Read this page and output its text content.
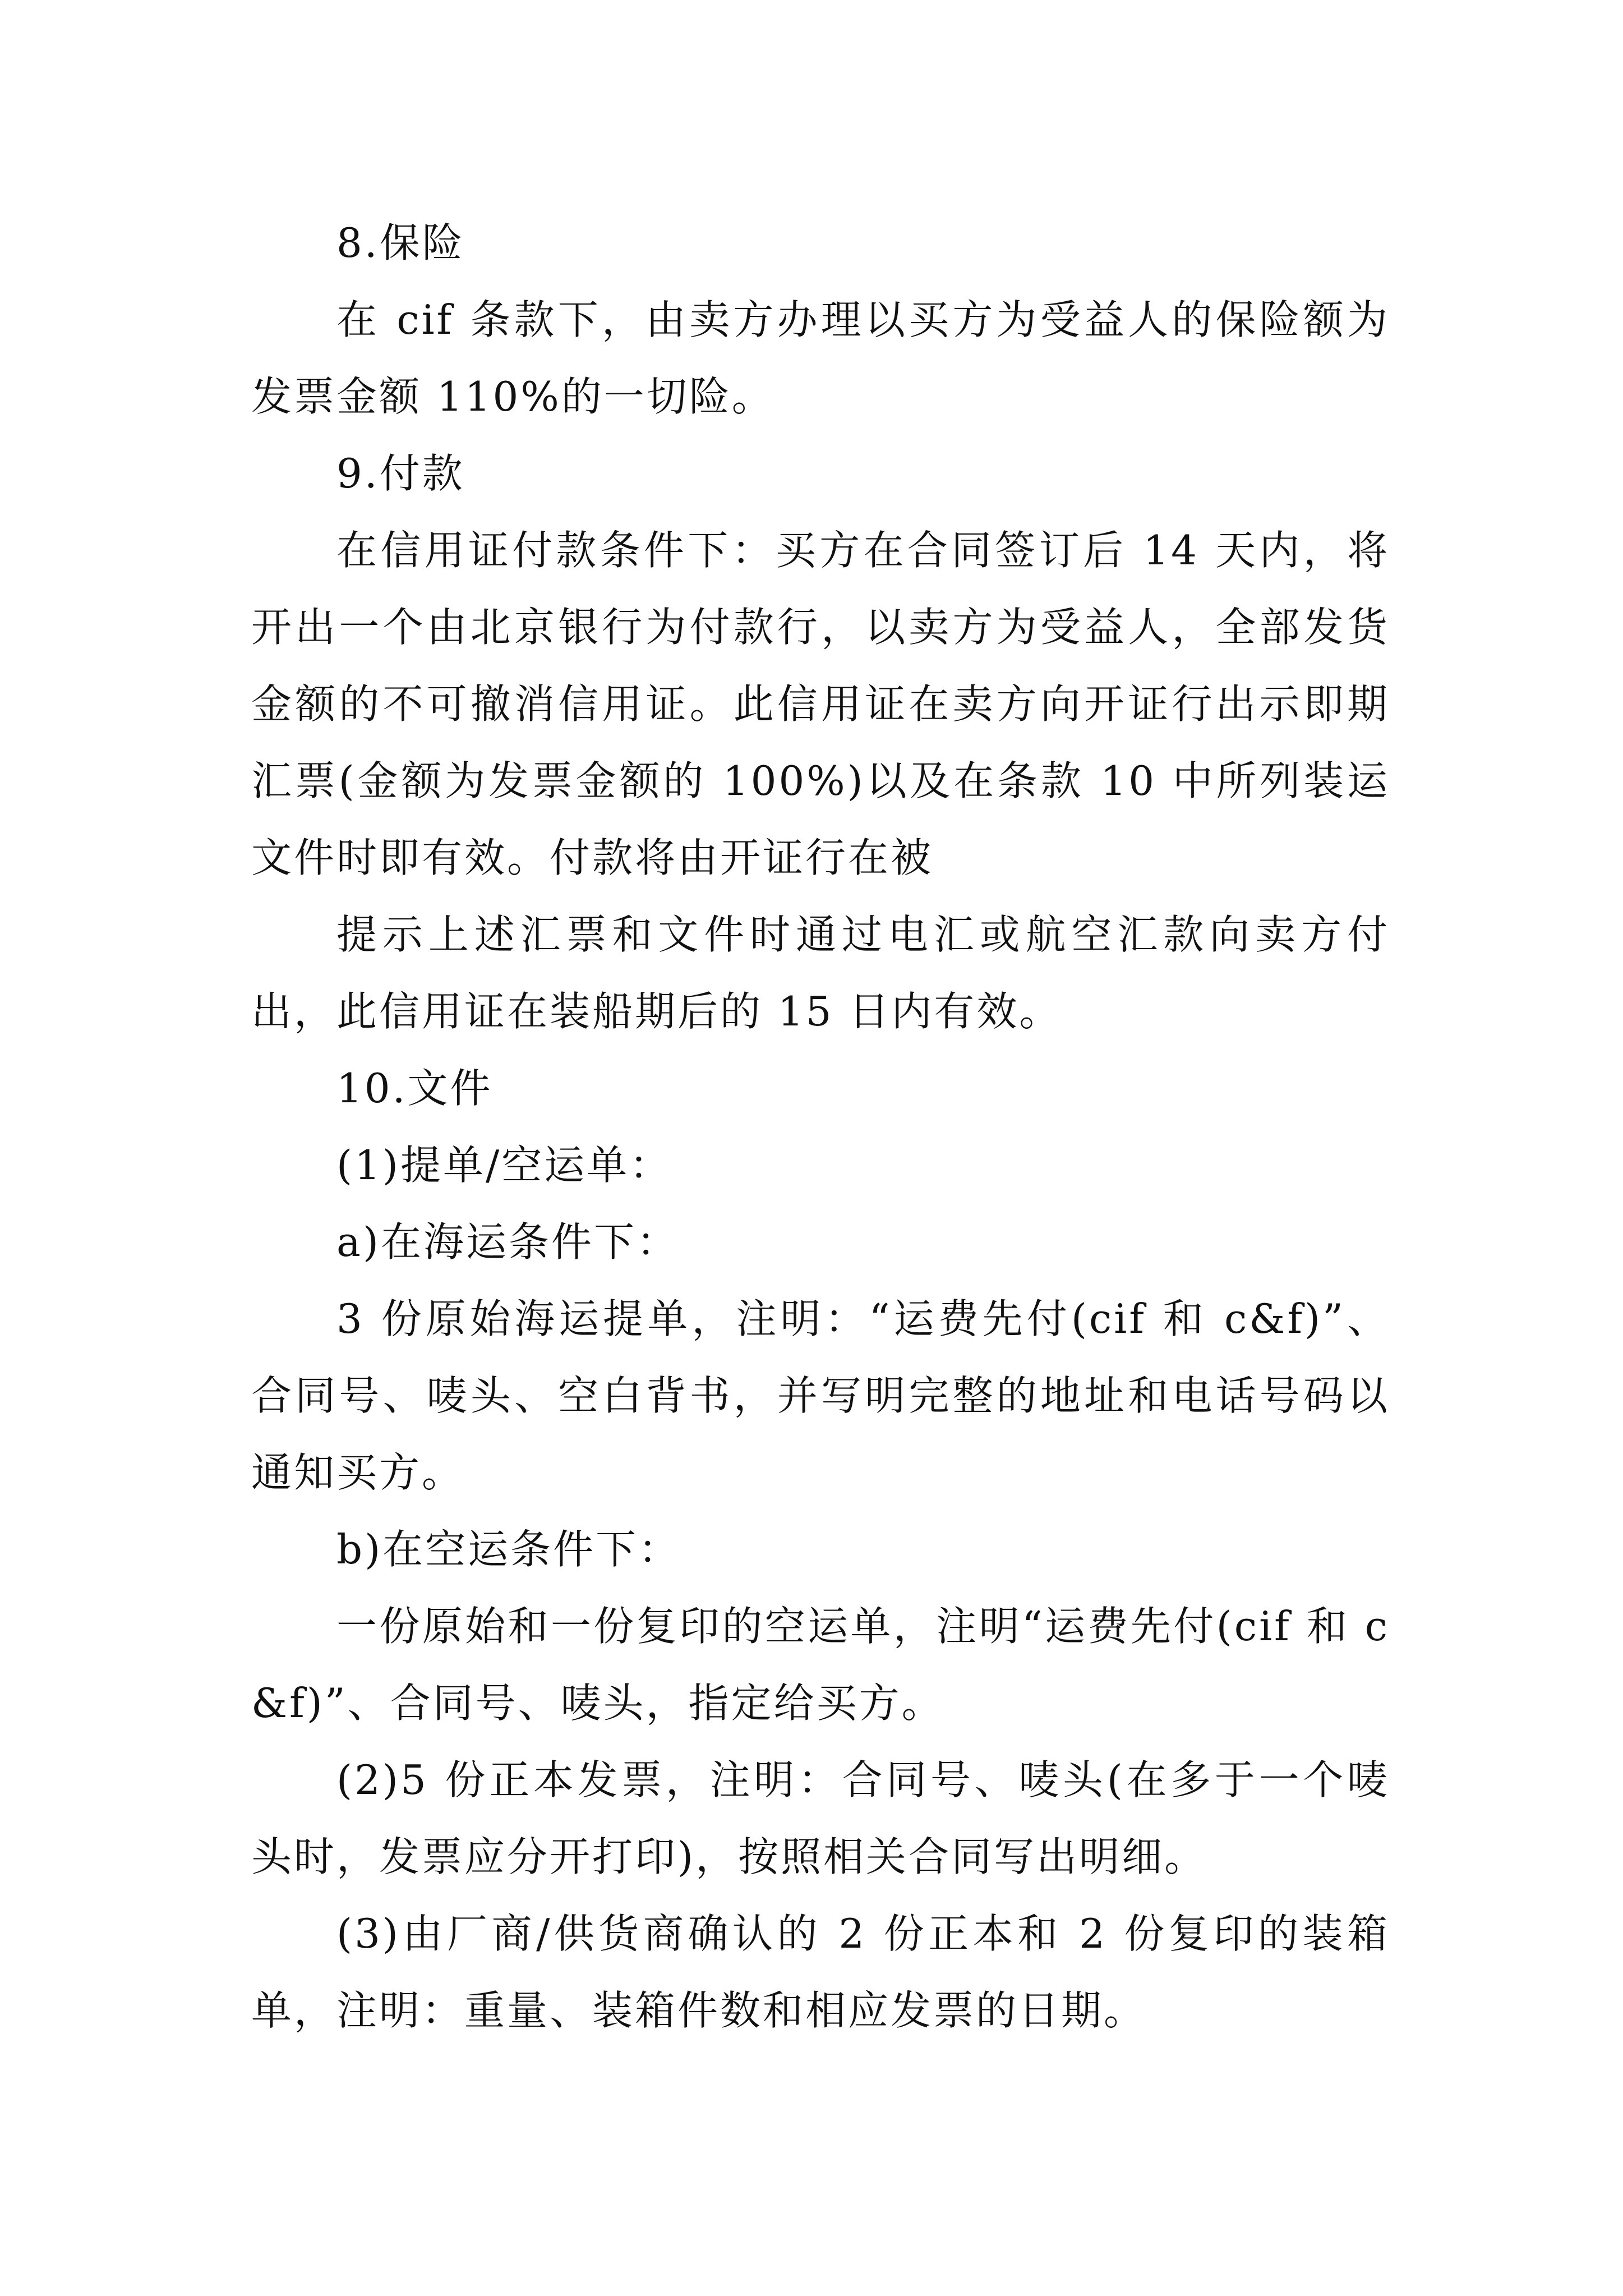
8.保险

在 cif 条款下，由卖方办理以买方为受益人的保险额为发票金额 110%的一切险。

9.付款

在信用证付款条件下：买方在合同签订后 14 天内，将开出一个由北京银行为付款行，以卖方为受益人，全部发货金额的不可撤消信用证。此信用证在卖方向开证行出示即期汇票(金额为发票金额的 100%)以及在条款 10 中所列装运文件时即有效。付款将由开证行在被

提示上述汇票和文件时通过电汇或航空汇款向卖方付出，此信用证在装船期后的 15 日内有效。

10.文件

(1)提单/空运单：

a)在海运条件下：

3 份原始海运提单，注明：“运费先付(cif 和 c&f)”、合同号、唛头、空白背书，并写明完整的地址和电话号码以通知买方。

b)在空运条件下：

一份原始和一份复印的空运单，注明“运费先付(cif 和 c&f)”、合同号、唛头，指定给买方。

(2)5 份正本发票，注明：合同号、唛头(在多于一个唛头时，发票应分开打印)，按照相关合同写出明细。

(3)由厂商/供货商确认的 2 份正本和 2 份复印的装箱单，注明：重量、装箱件数和相应发票的日期。
